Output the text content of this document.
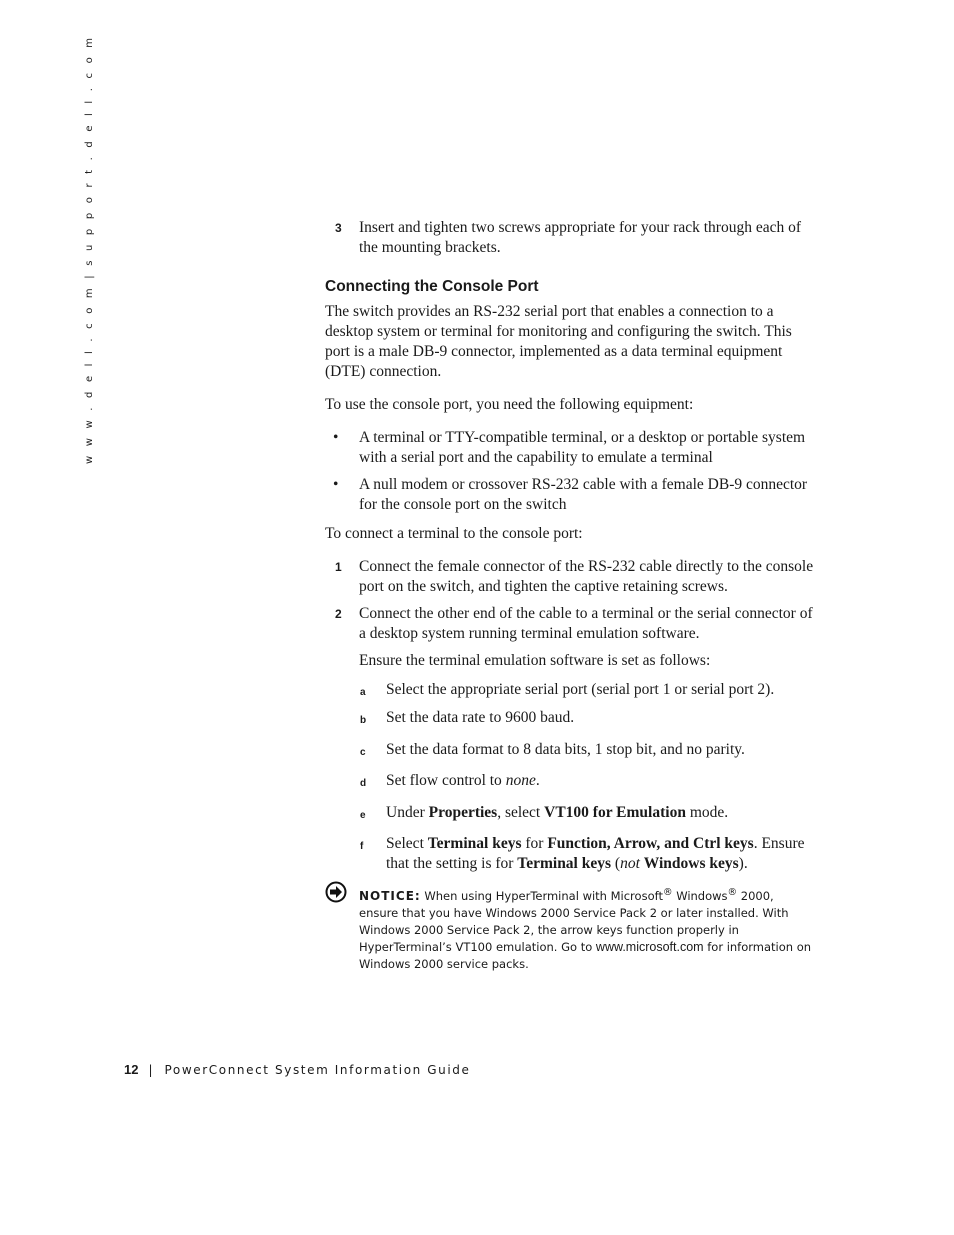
w w w . d e l l . c o m | s u p p o r t . d e l l . c o m	3 Insert and tighten two screws appropriate for your rack through each of the mounting brackets.
Connecting the Console Port

The switch provides an RS-232 serial port that enables a connection to a desktop system or terminal for monitoring and configuring the switch. This port is a male DB-9 connector, implemented as a data terminal equipment (DTE) connection.

To use the console port, you need the following equipment:

• A terminal or TTY-compatible terminal, or a desktop or portable system with a serial port and the capability to emulate a terminal
• A null modem or crossover RS-232 cable with a female DB-9 connector for the console port on the switch

To connect a terminal to the console port:

1 Connect the female connector of the RS-232 cable directly to the console port on the switch, and tighten the captive retaining screws.
2 Connect the other end of the cable to a terminal or the serial connector of a desktop system running terminal emulation software.
Ensure the terminal emulation software is set as follows:
a Select the appropriate serial port (serial port 1 or serial port 2).
b Set the data rate to 9600 baud.
c Set the data format to 8 data bits, 1 stop bit, and no parity.
d Set flow control to none.
e Under Properties, select VT100 for Emulation mode.
f Select Terminal keys for Function, Arrow, and Ctrl keys. Ensure that the setting is for Terminal keys (not Windows keys).
NOTICE: When using HyperTerminal with Microsoft® Windows® 2000, ensure that you have Windows 2000 Service Pack 2 or later installed. With Windows 2000 Service Pack 2, the arrow keys function properly in HyperTerminal’s VT100 emulation. Go to www.microsoft.com for information on Windows 2000 service packs.
12 | PowerConnect System Information Guide
